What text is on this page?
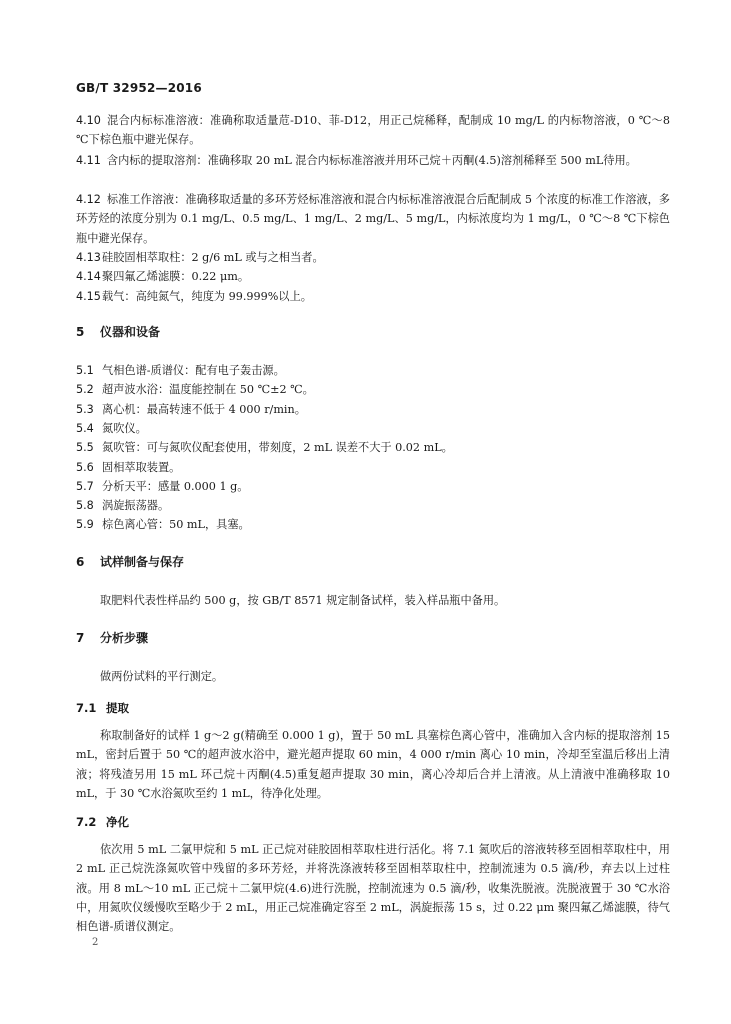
GB/T 32952—2016
4.10 混合内标标准溶液：准确称取适量苊-D10、菲-D12，用正己烷稀释，配制成 10 mg/L 的内标物溶液，0 ℃～8 ℃下棕色瓶中避光保存。
4.11 含内标的提取溶剂：准确移取 20 mL 混合内标标准溶液并用环己烷＋丙酮(4.5)溶剂稀释至 500 mL待用。
4.12 标准工作溶液：准确移取适量的多环芳烃标准溶液和混合内标标准溶液混合后配制成 5 个浓度的标准工作溶液，多环芳烃的浓度分别为 0.1 mg/L、0.5 mg/L、1 mg/L、2 mg/L、5 mg/L，内标浓度均为 1 mg/L，0 ℃～8 ℃下棕色瓶中避光保存。
4.13硅胶固相萃取柱：2 g/6 mL 或与之相当者。
4.14聚四氟乙烯滤膜：0.22 μm。
4.15载气：高纯氮气，纯度为 99.999%以上。
5 仪器和设备
5.1 气相色谱-质谱仪：配有电子轰击源。
5.2 超声波水浴：温度能控制在 50 ℃±2 ℃。
5.3 离心机：最高转速不低于 4 000 r/min。
5.4 氮吹仪。
5.5 氮吹管：可与氮吹仪配套使用，带刻度，2 mL 误差不大于 0.02 mL。
5.6 固相萃取装置。
5.7 分析天平：感量 0.000 1 g。
5.8 涡旋振荡器。
5.9 棕色离心管：50 mL，具塞。
6 试样制备与保存
取肥料代表性样品约 500 g，按 GB/T 8571 规定制备试样，装入样品瓶中备用。
7 分析步骤
做两份试料的平行测定。
7.1 提取
称取制备好的试样 1 g～2 g(精确至 0.000 1 g)，置于 50 mL 具塞棕色离心管中，准确加入含内标的提取溶剂 15 mL，密封后置于 50 ℃的超声波水浴中，避光超声提取 60 min，4 000 r/min 离心 10 min，冷却至室温后移出上清液；将残渣另用 15 mL 环己烷＋丙酮(4.5)重复超声提取 30 min，离心冷却后合并上清液。从上清液中准确移取 10 mL，于 30 ℃水浴氮吹至约 1 mL，待净化处理。
7.2 净化
依次用 5 mL 二氯甲烷和 5 mL 正己烷对硅胶固相萃取柱进行活化。将 7.1 氮吹后的溶液转移至固相萃取柱中，用 2 mL 正己烷洗涤氮吹管中残留的多环芳烃，并将洗涤液转移至固相萃取柱中，控制流速为 0.5 滴/秒，弃去以上过柱液。用 8 mL～10 mL 正己烷＋二氯甲烷(4.6)进行洗脱，控制流速为 0.5 滴/秒，收集洗脱液。洗脱液置于 30 ℃水浴中，用氮吹仪缓慢吹至略少于 2 mL，用正己烷准确定容至 2 mL，涡旋振荡 15 s，过 0.22 μm 聚四氟乙烯滤膜，待气相色谱-质谱仪测定。
2
